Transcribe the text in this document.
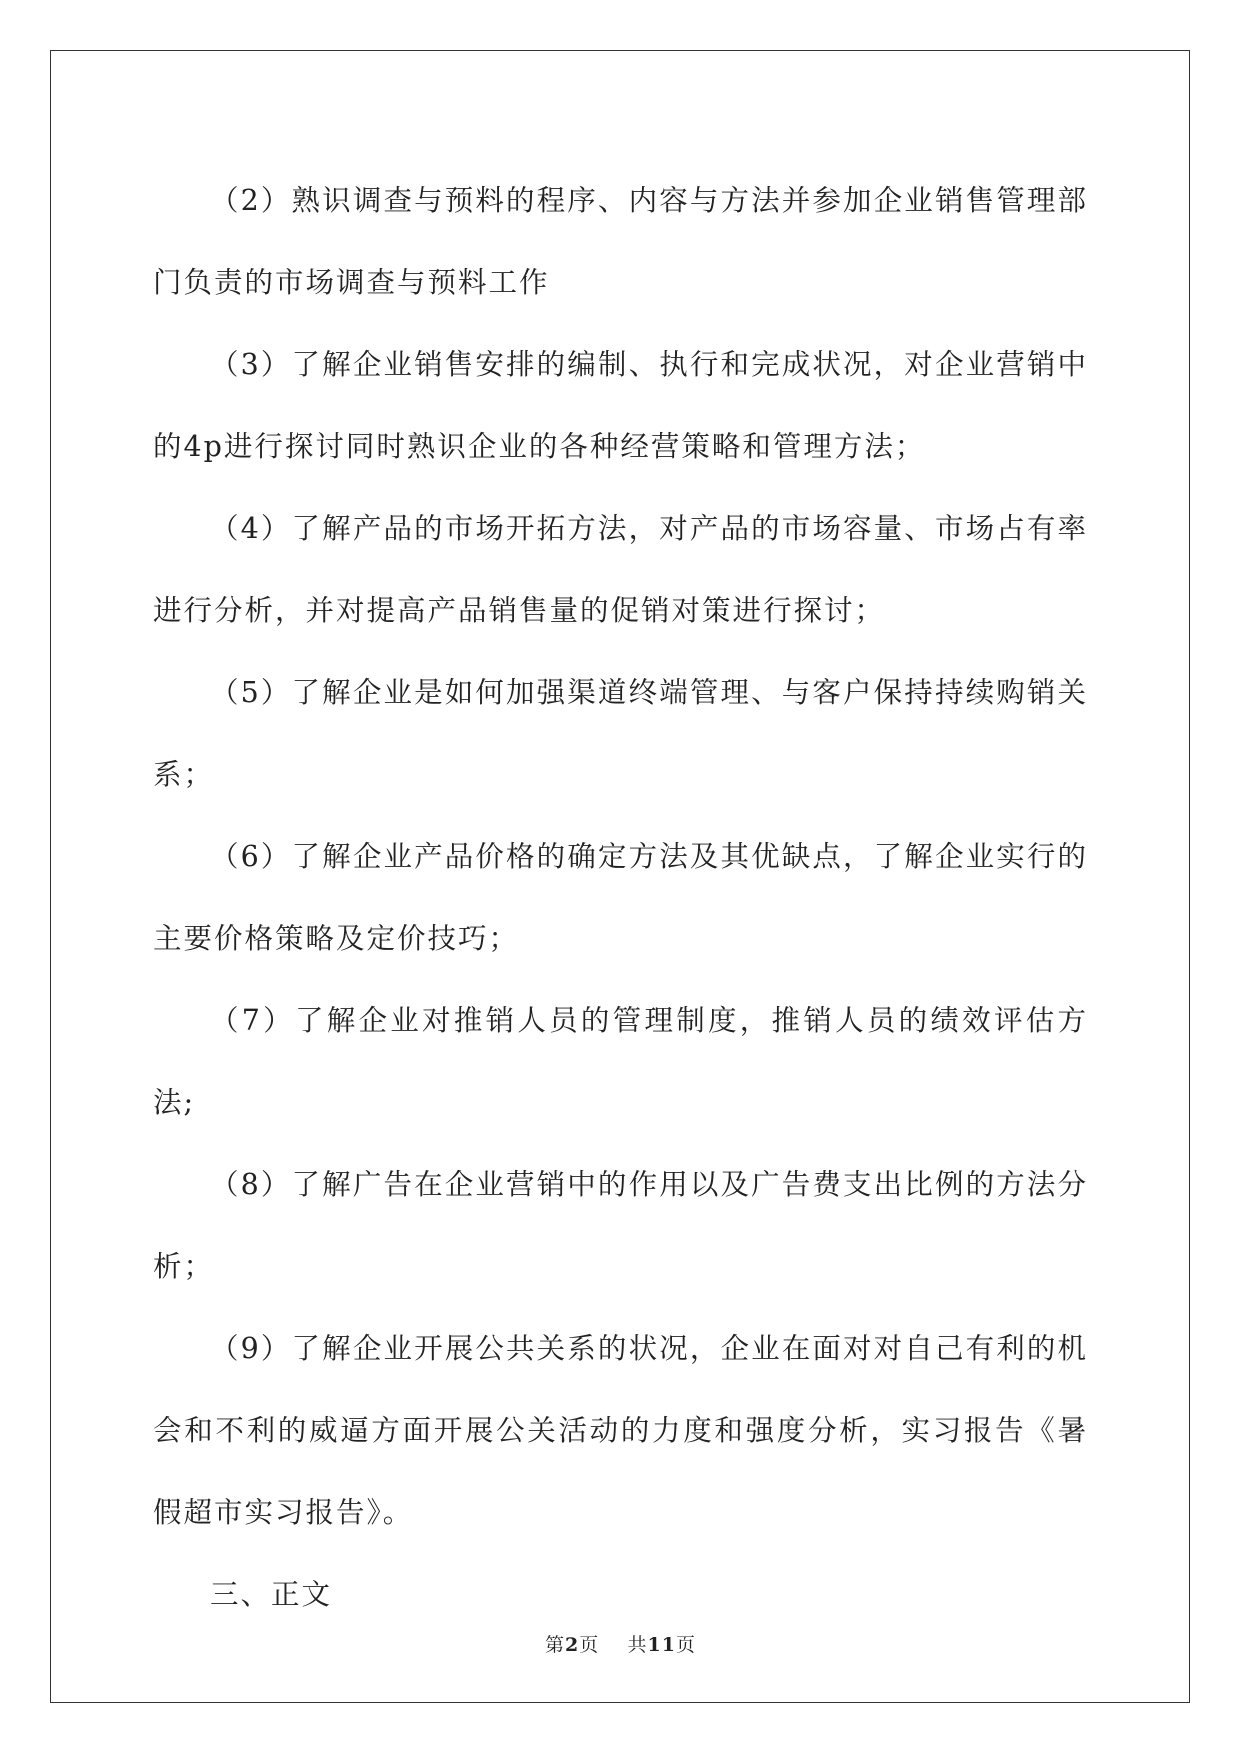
（2）熟识调查与预料的程序、内容与方法并参加企业销售管理部门负责的市场调查与预料工作

（3）了解企业销售安排的编制、执行和完成状况，对企业营销中的4p进行探讨同时熟识企业的各种经营策略和管理方法；

（4）了解产品的市场开拓方法，对产品的市场容量、市场占有率进行分析，并对提高产品销售量的促销对策进行探讨；

（5）了解企业是如何加强渠道终端管理、与客户保持持续购销关系；

（6）了解企业产品价格的确定方法及其优缺点，了解企业实行的主要价格策略及定价技巧；

（7）了解企业对推销人员的管理制度，推销人员的绩效评估方法;

（8）了解广告在企业营销中的作用以及广告费支出比例的方法分析；

（9）了解企业开展公共关系的状况，企业在面对对自己有利的机会和不利的威逼方面开展公关活动的力度和强度分析，实习报告《暑假超市实习报告》。

三、正文

第2页 共11页
